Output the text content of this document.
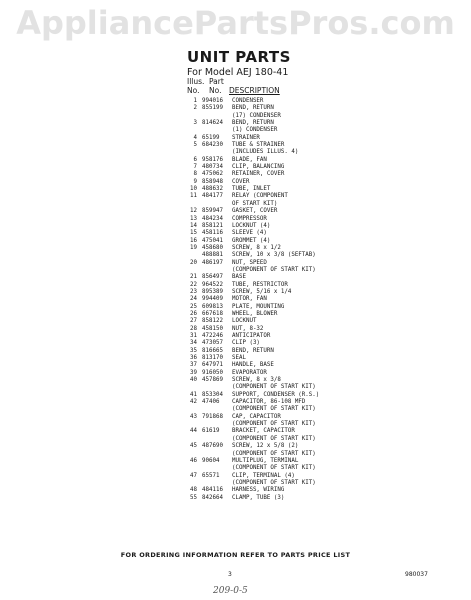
AppliancePartsPros.com
UNIT PARTS
For Model AEJ 180-41
Illus. Part
No.	No.	DESCRIPTION
1 994016	CONDENSER
2 855199	BEND, RETURN
(17) CONDENSER
3 814624	BEND, RETURN
(1) CONDENSER
4 65199	STRAINER
5 684230	TUBE & STRAINER
(INCLUDES ILLUS. 4)
6 958176	BLADE, FAN
7 480734	CLIP, BALANCING
8 475062	RETAINER, COVER
9 858948	COVER
10 488632	TUBE, INLET
11 484177	RELAY (COMPONENT
OF START KIT)
12 859947	GASKET, COVER
13 484234	COMPRESSOR
14 858121	LOCKNUT (4)
15 458116	SLEEVE (4)
16 475041	GROMMET (4)
19 458680	SCREW, 8 x 1/2
488881	SCREW, 10 x 3/8 (SEFTAB)
20 486197	NUT, SPEED
(COMPONENT OF START KIT)
21 856497	BASE
22 964522	TUBE, RESTRICTOR
23 895389	SCREW, 5/16 x 1/4
24 994409	MOTOR, FAN
25 609813	PLATE, MOUNTING
26 667618	WHEEL, BLOWER
27 858122	LOCKNUT
28 458150	NUT, 8-32
31 472246	ANTICIPATOR
34 473057	CLIP (3)
35 816665	BEND, RETURN
36 813170	SEAL
37 647971	HANDLE, BASE
39 916050	EVAPORATOR
40 457869	SCREW, 8 x 3/8
(COMPONENT OF START KIT)
41 853304	SUPPORT, CONDENSER (R.S.)
42 47406	CAPACITOR, 86-108 MFD
(COMPONENT OF START KIT)
43 791868	CAP, CAPACITOR
(COMPONENT OF START KIT)
44 61619	BRACKET, CAPACITOR
(COMPONENT OF START KIT)
45 487690	SCREW, 12 x 5/8 (2)
(COMPONENT OF START KIT)
46 90604	MULTIPLUG, TERMINAL
(COMPONENT OF START KIT)
47 65571	CLIP, TERMINAL (4)
(COMPONENT OF START KIT)
48 484116	HARNESS, WIRING
55 842664	CLAMP, TUBE (3)
FOR ORDERING INFORMATION REFER TO PARTS PRICE LIST
3	980037
209-0-5
